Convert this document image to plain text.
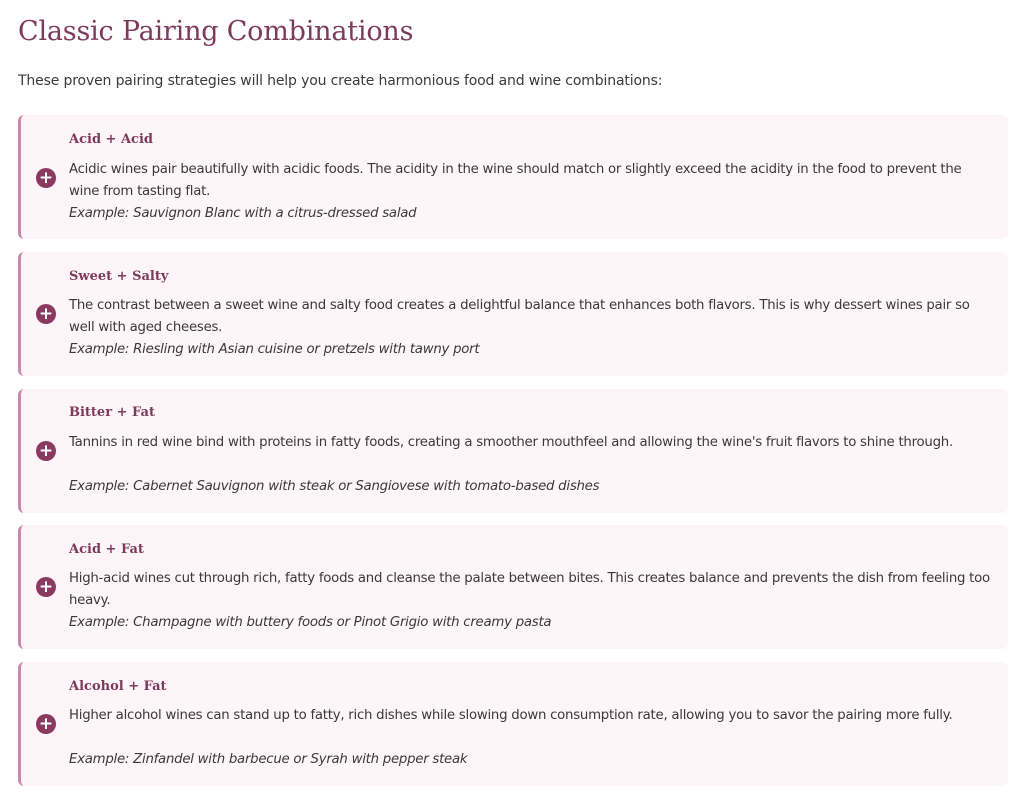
Classic Pairing Combinations

These proven pairing strategies will help you create harmonious food and wine combinations:

+
Acid + Acid

Acidic wines pair beautifully with acidic foods. The acidity in the wine should match or slightly exceed the acidity in the food to prevent the wine from tasting flat.

Example: Sauvignon Blanc with a citrus-dressed salad

+
Sweet + Salty

The contrast between a sweet wine and salty food creates a delightful balance that enhances both flavors. This is why dessert wines pair so well with aged cheeses.

Example: Riesling with Asian cuisine or pretzels with tawny port

+
Bitter + Fat

Tannins in red wine bind with proteins in fatty foods, creating a smoother mouthfeel and allowing the wine's fruit flavors to shine through.

Example: Cabernet Sauvignon with steak or Sangiovese with tomato-based dishes

+
Acid + Fat

High-acid wines cut through rich, fatty foods and cleanse the palate between bites. This creates balance and prevents the dish from feeling too heavy.

Example: Champagne with buttery foods or Pinot Grigio with creamy pasta

+
Alcohol + Fat

Higher alcohol wines can stand up to fatty, rich dishes while slowing down consumption rate, allowing you to savor the pairing more fully.

Example: Zinfandel with barbecue or Syrah with pepper steak
